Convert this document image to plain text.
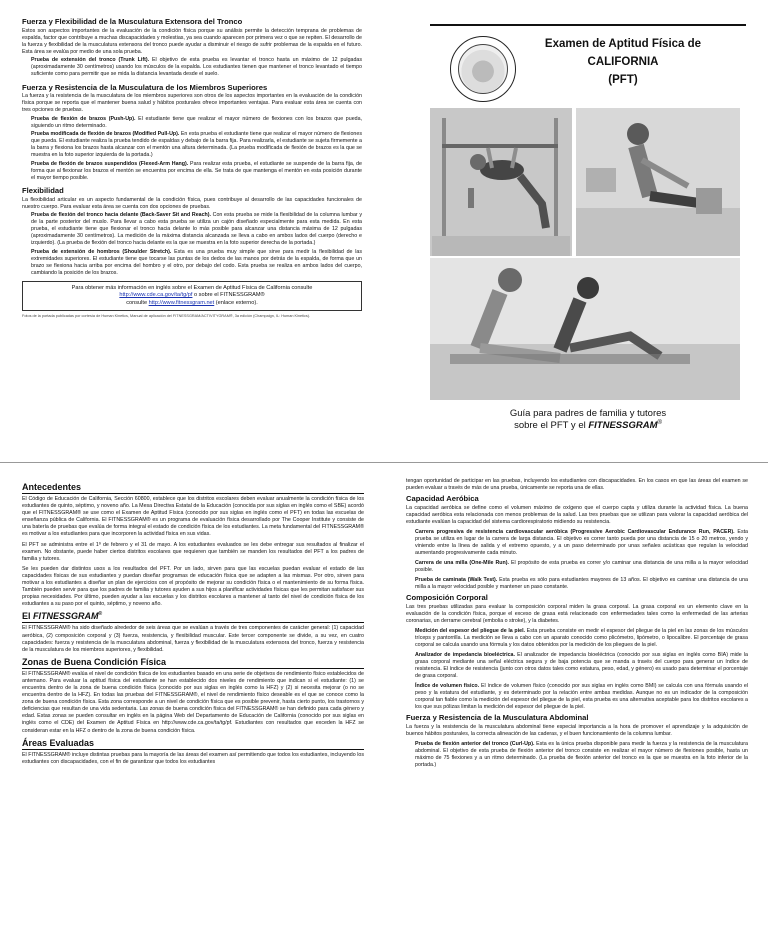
Fuerza y Flexibilidad de la Musculatura Extensora del Tronco

Estos son aspectos importantes de la evaluación de la condición física porque su análisis permite la detección temprana de problemas de espalda, factor que contribuye a muchas discapacidades y molestias, ya sea cuando aparecen por primera vez o que se repiten. El desarrollo de la fuerza y flexibilidad de la musculatura extensora del tronco puede ayudar a disminuir el riesgo de sufrir problemas de la espalda en el futuro. Esta área se evalúa por medio de una sola prueba.

Prueba de extensión del tronco (Trunk Lift). El objetivo de esta prueba es levantar el tronco hasta un máximo de 12 pulgadas (aproximadamente 30 centímetros) usando los músculos de la espalda. Los estudiantes tienen que mantener el tronco levantado el tiempo suficiente como para permitir que se mida la distancia levantada desde el suelo.

Fuerza y Resistencia de la Musculatura de los Miembros Superiores

La fuerza y la resistencia de la musculatura de los miembros superiores son otros de los aspectos importantes en la evaluación de la condición física porque se reporta que el mantener buena salud y hábitos posturales ofrece importantes ventajas. Para evaluar esta área se cuenta con tres opciones de pruebas.

Prueba de flexión de brazos (Push-Up). El estudiante tiene que realizar el mayor número de flexiones con los brazos que pueda, siguiendo un ritmo determinado.

Prueba modificada de flexión de brazos (Modified Pull-Up). En esta prueba el estudiante tiene que realizar el mayor número de flexiones que pueda. El estudiante realiza la prueba tendido de espaldas y debajo de la barra fija. Para realizarla, el estudiante se sujeta firmemente a la barra y flexiona los brazos hasta alcanzar con el mentón una altura determinada. (La prueba modificada de flexión de brazos es la que se muestra en la foto superior izquierda de la portada.)

Prueba de flexión de brazos suspendidos (Flexed-Arm Hang). Para realizar esta prueba, el estudiante se suspende de la barra fija, de forma que al flexionar los brazos el mentón se encuentra por encima de ella. Se trata de que mantenga el mentón en esta posición durante el mayor tiempo posible.

Flexibilidad

La flexibilidad articular es un aspecto fundamental de la condición física, pues contribuye al desarrollo de las capacidades funcionales de nuestro cuerpo. Para evaluar esta área se cuenta con dos opciones de pruebas.

Prueba de flexión del tronco hacia delante (Back-Saver Sit and Reach). Con esta prueba se mide la flexibilidad de la columna lumbar y de la parte posterior del muslo. Para llevar a cabo esta prueba se utiliza un cajón diseñado especialmente para esta medida. En esta prueba, el estudiante tiene que flexionar el tronco hacia delante lo más posible para alcanzar una distancia máxima de 12 pulgadas (aproximadamente 30 centímetros). La medición de la máxima distancia alcanzada se lleva a cabo en ambos lados del cuerpo (derecho e izquierdo). (La prueba de flexión del tronco hacia delante es la que se muestra en la foto superior derecha de la portada.)

Prueba de extensión de hombros (Shoulder Stretch). Esta es una prueba muy simple que sirve para medir la flexibilidad de las extremidades superiores. El estudiante tiene que tocarse las puntas de los dedos de las manos por detrás de la espalda, de forma que un brazo se flexiona hacia arriba por encima del hombro y el otro, por debajo del codo. Esta prueba se realiza en ambos lados del cuerpo, cambiando la posición de los brazos.

Para obtener más información en inglés sobre el Examen de Aptitud Física de California consulte
http://www.cde.ca.gov/ta/tg/pf o sobre el FITNESSGRAM®
consulte http://www.fitnessgram.net (enlace externo).
Fotos de la portada publicadas por cortesía de Human Kinetics, Manual de aplicación del FITNESSGRAM/ACTIVITYGRAM®, 3a edición (Champaign, IL: Human Kinetics).
Examen de Aptitud Física de
CALIFORNIA
(PFT)
Guía para padres de familia y tutores
sobre el PFT y el FITNESSGRAM®
Antecedentes

El Código de Educación de California, Sección 60800, establece que los distritos escolares deben evaluar anualmente la condición física de los estudiantes de quinto, séptimo, y noveno año. La Mesa Directiva Estatal de la Educación (conocida por sus siglas en inglés como el SBE) acordó que el FITNESSGRAM® se use como el Examen de Aptitud Física (conocido por sus siglas en inglés como el PFT) en todas las escuelas de enseñanza pública de California. El FITNESSGRAM® es un programa de evaluación física desarrollado por The Cooper Institute y consiste de una batería de pruebas que evalúa de forma integral el estado de condición física de los estudiantes. La meta fundamental del FITNESSGRAM® es motivar a los estudiantes para que incorporen la actividad física en sus vidas.

El PFT se administra entre el 1º de febrero y el 31 de mayo. A los estudiantes evaluados se les debe entregar sus resultados al finalizar el examen. No obstante, puede haber ciertos distritos escolares que requieren que también se manden los resultados del PFT a los padres de familia y tutores.

Se les pueden dar distintos usos a los resultados del PFT. Por un lado, sirven para que las escuelas puedan evaluar el estado de las capacidades físicas de sus estudiantes y puedan diseñar programas de educación física que se adapten a las mismas. Por otro, sirven para motivar a los estudiantes a diseñar un plan de ejercicios con el propósito de mejorar su condición física o el mantenimiento de su forma física. También pueden servir para que los padres de familia y tutores ayuden a sus hijos a planificar actividades físicas que les permitan satisfacer sus propias necesidades. Por último, pueden ayudar a las escuelas y los distritos escolares a mantener al tanto del nivel de condición física de los estudiantes a su paso por el quinto, séptimo, y noveno año.

El FITNESSGRAM®

El FITNESSGRAM® ha sido diseñado alrededor de seis áreas que se evalúan a través de tres componentes de carácter general: (1) capacidad aeróbica, (2) composición corporal y (3) fuerza, resistencia, y flexibilidad muscular. Este tercer componente se divide, a su vez, en cuatro capacidades: fuerza y resistencia de la musculatura abdominal, fuerza y flexibilidad de la musculatura extensora del tronco, fuerza y resistencia de la musculatura de los miembros superiores, y flexibilidad.

Zonas de Buena Condición Física

El FITNESSGRAM® evalúa el nivel de condición física de los estudiantes basado en una serie de objetivos de rendimiento físico establecidos de antemano. Para evaluar la aptitud física del estudiante se han establecido dos niveles de rendimiento que indican si el estudiante: (1) se encuentra dentro de la zona de buena condición física (conocido por sus siglas en inglés como la HFZ) y (2) si necesita mejorar (o no se encuentra dentro de la HFZ). En todas las pruebas del FITNESSGRAM®, el nivel de rendimiento físico deseable es el que se conoce como la zona de buena condición física. Esta zona corresponde a un nivel de condición física que es posible prevenir, hasta cierto punto, los trastornos y deficiencias que resultan de una vida sedentaria. Las zonas de buena condición física del FITNESSGRAM® se han definido para cada género y edad. Estas zonas se pueden consultar en inglés en la página Web del Departamento de Educación de California (conocido por sus siglas en inglés como el CDE) del Examen de Aptitud Física en http://www.cde.ca.gov/ta/tg/pf. Estudiantes con resultados que exceden la HFZ se consideran estar en la HFZ o dentro de la zona de buena condición física.

Áreas Evaluadas

El FITNESSGRAM® incluye distintas pruebas para la mayoría de las áreas del examen así permitiendo que todos los estudiantes, incluyendo los estudiantes con discapacidades, con el fin de garantizar que todos los estudiantes

tengan oportunidad de participar en las pruebas, incluyendo los estudiantes con discapacidades. En los casos en que las áreas del examen se pueden evaluar a través de más de una prueba, únicamente se reporta una de ellas.

Capacidad Aeróbica

La capacidad aeróbica se define como el volumen máximo de oxígeno que el cuerpo capta y utiliza durante la actividad física. La buena capacidad aeróbica esta relacionada con menos problemas de la salud. Las tres pruebas que se utilizan para valorar la capacidad aeróbica del estudiante evalúan la capacidad del sistema cardiorespiratorio midiendo su resistencia.

Carrera progresiva de resistencia cardiovascular aeróbica (Progressive Aerobic Cardiovascular Endurance Run, PACER). Esta prueba se utiliza en lugar de la carrera de larga distancia. El objetivo es correr tanto pueda por una distancia de 15 o 20 metros, yendo y viniendo entre la línea de salida y el extremo opuesto, y a un paso determinado por unas señales acústicas que regulan la velocidad aumentando progresivamente cada minuto.

Carrera de una milla (One-Mile Run). El propósito de esta prueba es correr y/o caminar una distancia de una milla a la mayor velocidad posible.

Prueba de caminata (Walk Test). Esta prueba es sólo para estudiantes mayores de 13 años. El objetivo es caminar una distancia de una milla a la mayor velocidad posible y mantener un paso constante.

Composición Corporal

Las tres pruebas utilizadas para evaluar la composición corporal miden la grasa corporal. La grasa corporal es un elemento clave en la evaluación de la condición física, porque el exceso de grasa está relacionado con enfermedades tales como la enfermedad de las arterias coronarias, un derrame cerebral (embolia o stroke), y la diabetes.

Medición del espesor del pliegue de la piel. Esta prueba consiste en medir el espesor del pliegue de la piel en las zonas de los músculos tríceps y pantorrilla. La medición se lleva a cabo con un aparato conocido como plicómetro, lipómetro, o lipocalibre. El porcentaje de grasa corporal se calcula usando una fórmula y los datos obtenidos por la medición de los pliegues de la piel.

Analizador de impedancia bioeléctrica. El analizador de impedancia bioeléctrica (conocido por sus siglas en inglés como BIA) mide la grasa corporal mediante una señal eléctrica segura y de baja potencia que se manda a través del cuerpo para generar un índice de resistencia. El índice de resistencia (junto con otros datos tales como estatura, peso, edad, y género) es usado para determinar el porcentaje de grasa corporal.

Índice de volumen físico. El índice de volumen físico (conocido por sus siglas en inglés como BMI) se calcula con una fórmula usando el peso y la estatura del estudiante, y es determinado por la relación entre ambas medidas. Aunque no es un indicador de la composición corporal tan fiable como la medición del espesor del pliegue de la piel, esta prueba es una alternativa aceptable para los distritos escolares a los que sus pólizas limitan la medición del espesor del pliegue de la piel.

Fuerza y Resistencia de la Musculatura Abdominal

La fuerza y la resistencia de la musculatura abdominal tiene especial importancia a la hora de promover el aprendizaje y la adquisición de buenos hábitos posturales, la correcta alineación de las caderas, y el buen funcionamiento de la columna lumbar.

Prueba de flexión anterior del tronco (Curl-Up). Esta es la única prueba disponible para medir la fuerza y la resistencia de la musculatura abdominal. El objetivo de esta prueba de flexión anterior del tronco consiste en realizar el mayor número de flexiones posible, hasta un máximo de 75 flexiones y a un ritmo determinado. (La prueba de flexión anterior del tronco es la que se muestra en la foto inferior de la portada.)
